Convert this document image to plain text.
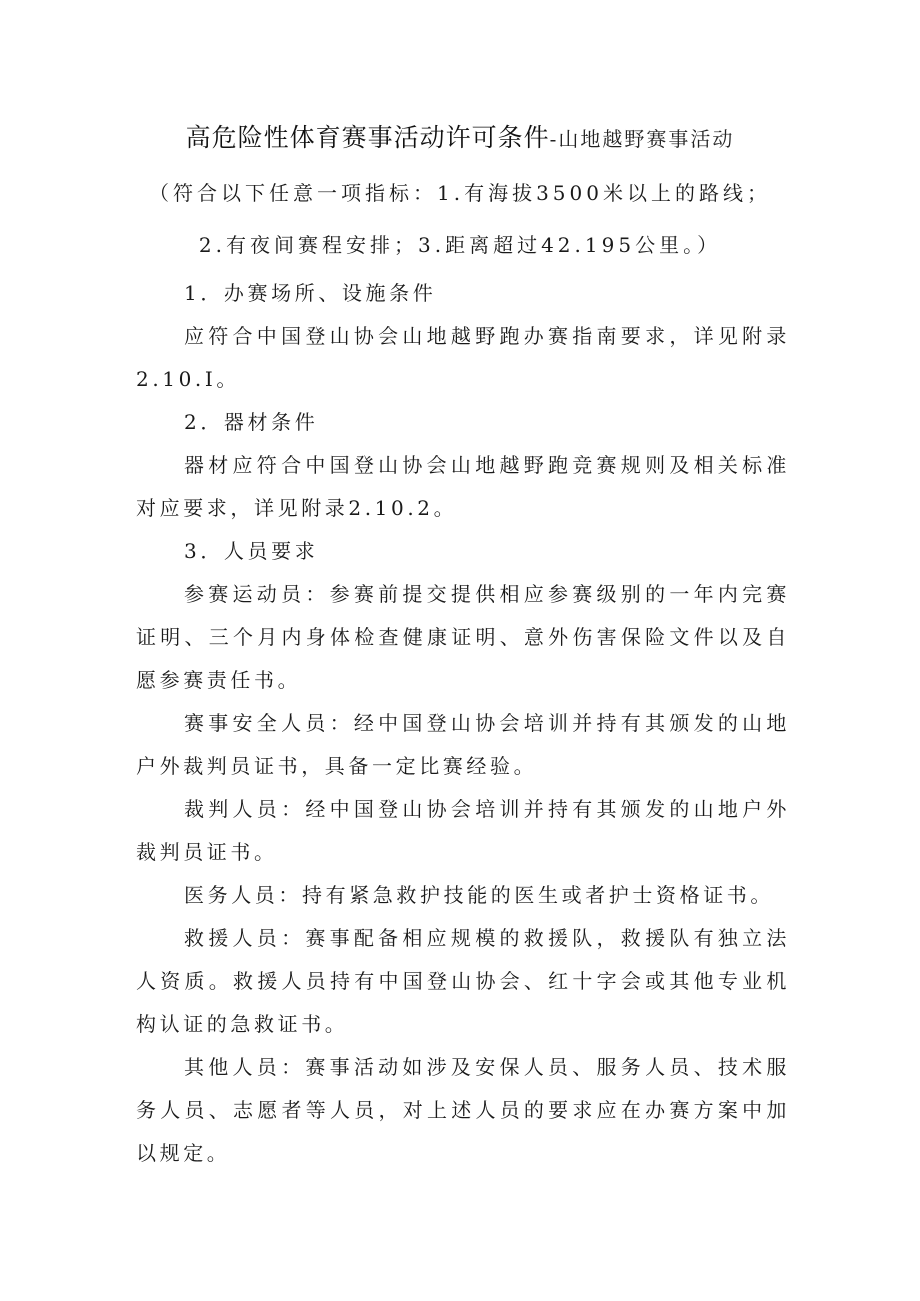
高危险性体育赛事活动许可条件-山地越野赛事活动
（符合以下任意一项指标：1.有海拔3500米以上的路线；
2.有夜间赛程安排；3.距离超过42.195公里。）

1．办赛场所、设施条件

应符合中国登山协会山地越野跑办赛指南要求，详见附录2.10.I。

2．器材条件

器材应符合中国登山协会山地越野跑竞赛规则及相关标准对应要求，详见附录2.10.2。

3．人员要求

参赛运动员：参赛前提交提供相应参赛级别的一年内完赛证明、三个月内身体检查健康证明、意外伤害保险文件以及自愿参赛责任书。

赛事安全人员：经中国登山协会培训并持有其颁发的山地户外裁判员证书，具备一定比赛经验。

裁判人员：经中国登山协会培训并持有其颁发的山地户外裁判员证书。

医务人员：持有紧急救护技能的医生或者护士资格证书。

救援人员：赛事配备相应规模的救援队，救援队有独立法人资质。救援人员持有中国登山协会、红十字会或其他专业机构认证的急救证书。

其他人员：赛事活动如涉及安保人员、服务人员、技术服务人员、志愿者等人员，对上述人员的要求应在办赛方案中加以规定。
